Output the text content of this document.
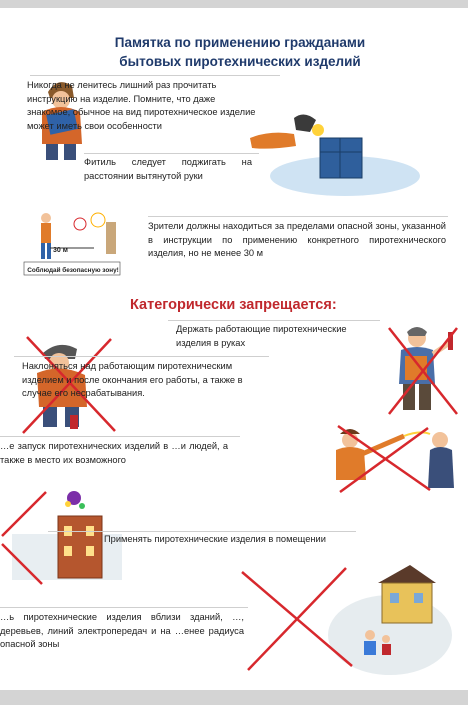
Памятка по применению гражданами
бытовых пиротехнических изделий
Никогда не ленитесь лишний раз прочитать инструкцию на изделие. Помните, что даже знакомое, обычное на вид пиротехническое изделие может иметь свои особенности
Фитиль следует поджигать на расстоянии вытянутой руки
30 м
Соблюдай безопасную зону!
Зрители должны находиться за пределами опасной зоны, указанной в инструкции по применению конкретного пиротехнического изделия, но не менее 30 м
Категорически запрещается:
Держать работающие пиротехнические изделия в руках
Наклоняться над работающим пиротехническим изделием и после окончания его работы, а также в случае его несрабатывания.
…е запуск пиротехнических изделий в …и людей, а также в место их возможного
Применять пиротехнические изделия в помещении
…ь пиротехнические изделия вблизи зданий, …, деревьев, линий электропередач и на …енее радиуса опасной зоны
